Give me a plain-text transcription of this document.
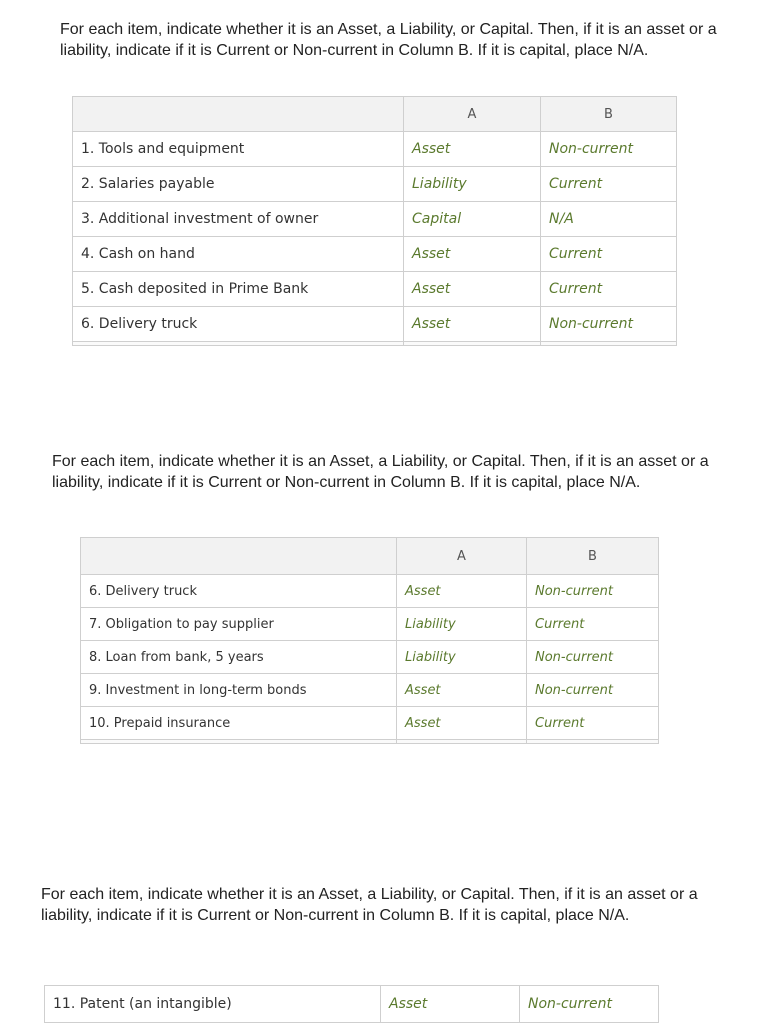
For each item, indicate whether it is an Asset, a Liability, or Capital. Then, if it is an asset or a liability, indicate if it is Current or Non-current in Column B. If it is capital, place N/A.

	A	B
1. Tools and equipment	Asset	Non-current
2. Salaries payable	Liability	Current
3. Additional investment of owner	Capital	N/A
4. Cash on hand	Asset	Current
5. Cash deposited in Prime Bank	Asset	Current
6. Delivery truck	Asset	Non-current

For each item, indicate whether it is an Asset, a Liability, or Capital. Then, if it is an asset or a liability, indicate if it is Current or Non-current in Column B. If it is capital, place N/A.

	A	B
6. Delivery truck	Asset	Non-current
7. Obligation to pay supplier	Liability	Current
8. Loan from bank, 5 years	Liability	Non-current
9. Investment in long-term bonds	Asset	Non-current
10. Prepaid insurance	Asset	Current

For each item, indicate whether it is an Asset, a Liability, or Capital. Then, if it is an asset or a liability, indicate if it is Current or Non-current in Column B. If it is capital, place N/A.

11. Patent (an intangible)	Asset	Non-current
